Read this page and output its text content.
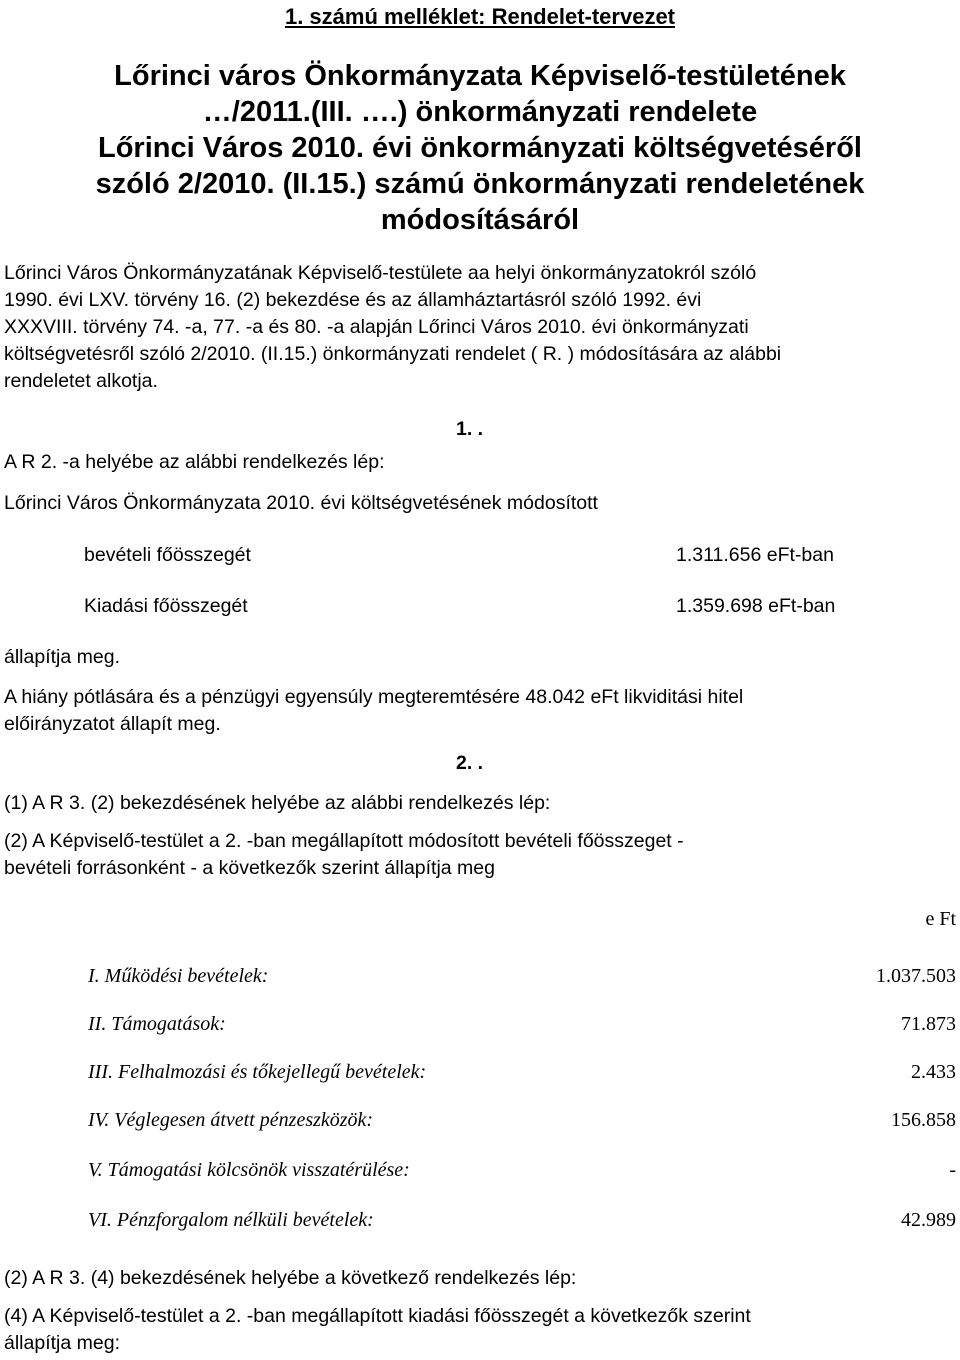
1. számú melléklet: Rendelet-tervezet
Lőrinci város Önkormányzata Képviselő-testületének
…/2011.(III. ….) önkormányzati rendelete
Lőrinci Város 2010. évi önkormányzati költségvetéséről
szóló 2/2010. (II.15.) számú önkormányzati rendeletének
módosításáról
Lőrinci Város Önkormányzatának Képviselő-testülete aa helyi önkormányzatokról szóló
1990. évi LXV. törvény 16. (2) bekezdése és az államháztartásról szóló 1992. évi
XXXVIII. törvény 74. -a, 77. -a és 80. -a alapján Lőrinci Város 2010. évi önkormányzati
költségvetésről szóló 2/2010. (II.15.) önkormányzati rendelet ( R. ) módosítására az alábbi
rendeletet alkotja.
1. .
A R 2. -a helyébe az alábbi rendelkezés lép:
Lőrinci Város Önkormányzata 2010. évi költségvetésének módosított
bevételi főösszegét	1.311.656 eFt-ban
Kiadási főösszegét	1.359.698 eFt-ban
állapítja meg.
A hiány pótlására és a pénzügyi egyensúly megteremtésére 48.042 eFt likviditási hitel
előirányzatot állapít meg.
2. .
(1) A R 3. (2) bekezdésének helyébe az alábbi rendelkezés lép:
(2) A Képviselő-testület a 2. -ban megállapított módosított bevételi főösszeget -
bevételi forrásonként - a következők szerint állapítja meg
e Ft
I. Működési bevételek:	1.037.503
II. Támogatások:	71.873
III. Felhalmozási és tőkejellegű bevételek:	2.433
IV. Véglegesen átvett pénzeszközök:	156.858
V. Támogatási kölcsönök visszatérülése:	-
VI. Pénzforgalom nélküli bevételek:	42.989
(2) A R 3. (4) bekezdésének helyébe a következő rendelkezés lép:
(4) A Képviselő-testület a 2. -ban megállapított kiadási főösszegét a következők szerint
állapítja meg:
